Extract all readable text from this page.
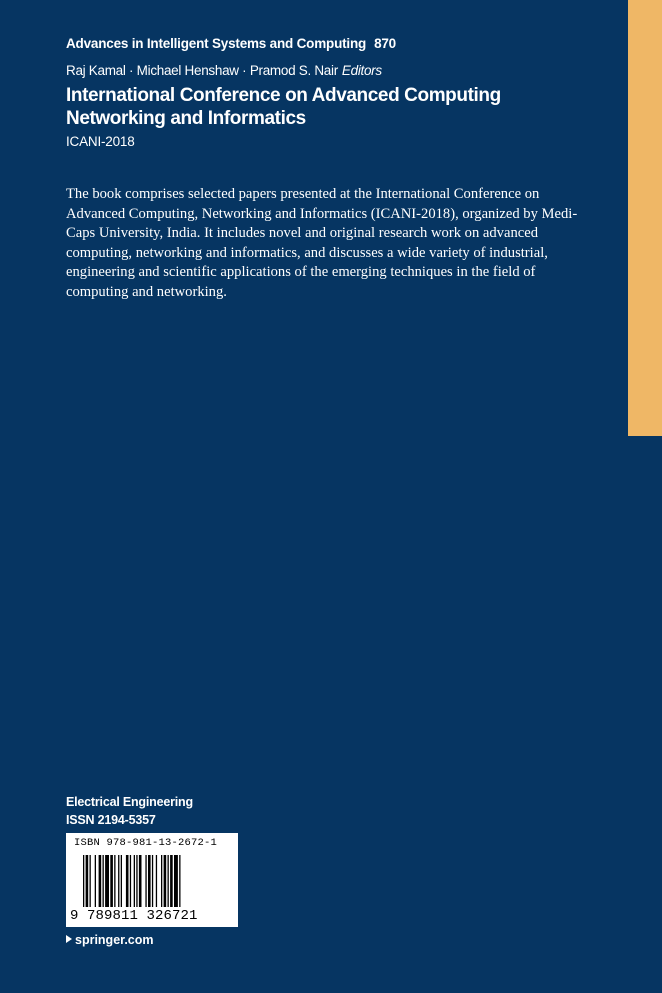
Advances in Intelligent Systems and Computing 870
Raj Kamal · Michael Henshaw · Pramod S. Nair Editors
International Conference on Advanced Computing Networking and Informatics
ICANI-2018

The book comprises selected papers presented at the International Conference on Advanced Computing, Networking and Informatics (ICANI-2018), organized by Medi-Caps University, India. It includes novel and original research work on advanced computing, networking and informatics, and discusses a wide variety of industrial, engineering and scientific applications of the emerging techniques in the field of computing and networking.

Electrical Engineering
ISSN 2194-5357
ISBN 978-981-13-2672-1
9 789811 326721
springer.com
